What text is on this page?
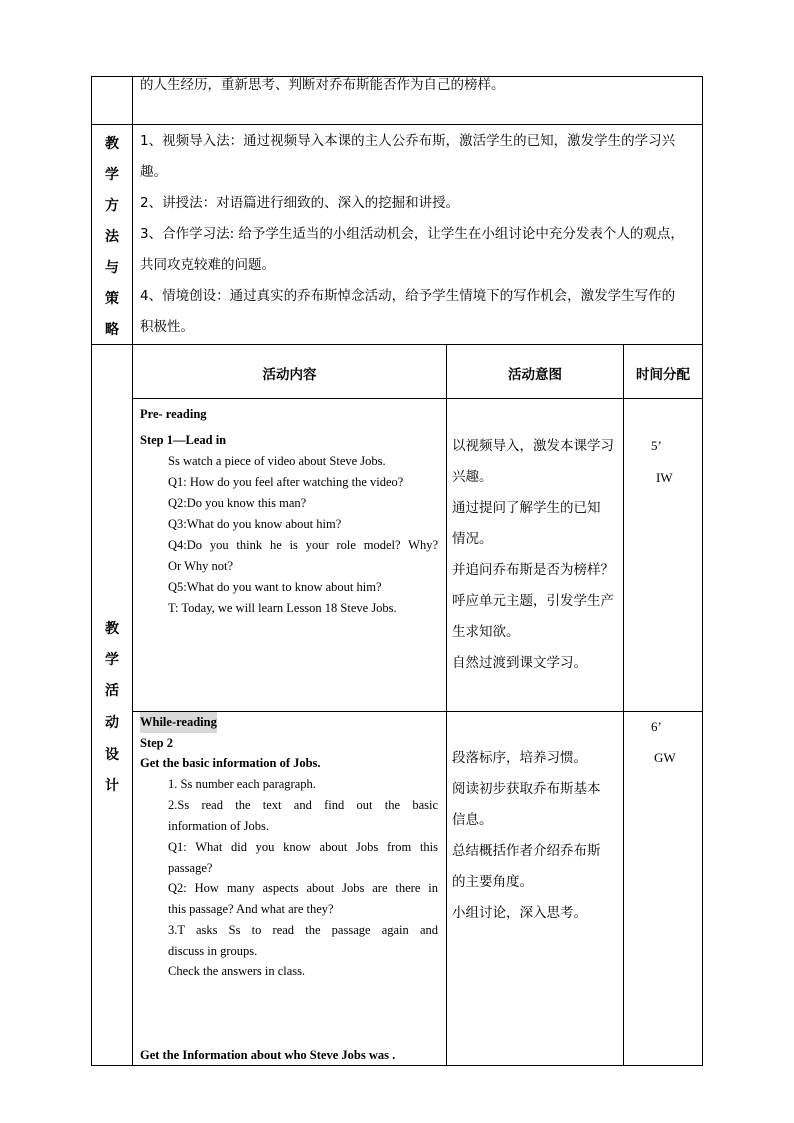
的人生经历，重新思考、判断对乔布斯能否作为自己的榜样。
教
学
方
法
与
策
略
1、视频导入法：通过视频导入本课的主人公乔布斯，激活学生的已知，激发学生的学习兴
趣。
2、讲授法：对语篇进行细致的、深入的挖掘和讲授。
3、合作学习法: 给予学生适当的小组活动机会，让学生在小组讨论中充分发表个人的观点，
共同攻克较难的问题。
4、情境创设：通过真实的乔布斯悼念活动，给予学生情境下的写作机会，激发学生写作的
积极性。
教
学
活
动
设
计
活动内容	活动意图	时间分配
Pre- reading
Step 1—Lead in
Ss watch a piece of video about Steve Jobs.
Q1: How do you feel after watching the video?
Q2:Do you know this man?
Q3:What do you know about him?
Q4:Do you think he is your role model? Why?
Or Why not?
Q5:What do you want to know about him?
T: Today, we will learn Lesson 18 Steve Jobs.
以视频导入，激发本课学习
兴趣。
通过提问了解学生的已知
情况。
并追问乔布斯是否为榜样？
呼应单元主题，引发学生产
生求知欲。
自然过渡到课文学习。
5’
IW
While-reading
Step 2
Get the basic information of Jobs.
1. Ss number each paragraph.
2.Ss read the text and find out the basic
information of Jobs.
Q1: What did you know about Jobs from this
passage?
Q2: How many aspects about Jobs are there in
this passage? And what are they?
3.T asks Ss to read the passage again and
discuss in groups.
Check the answers in class.
Get the Information about who Steve Jobs was .
段落标序，培养习惯。
阅读初步获取乔布斯基本
信息。
总结概括作者介绍乔布斯
的主要角度。
小组讨论，深入思考。
6’
GW
